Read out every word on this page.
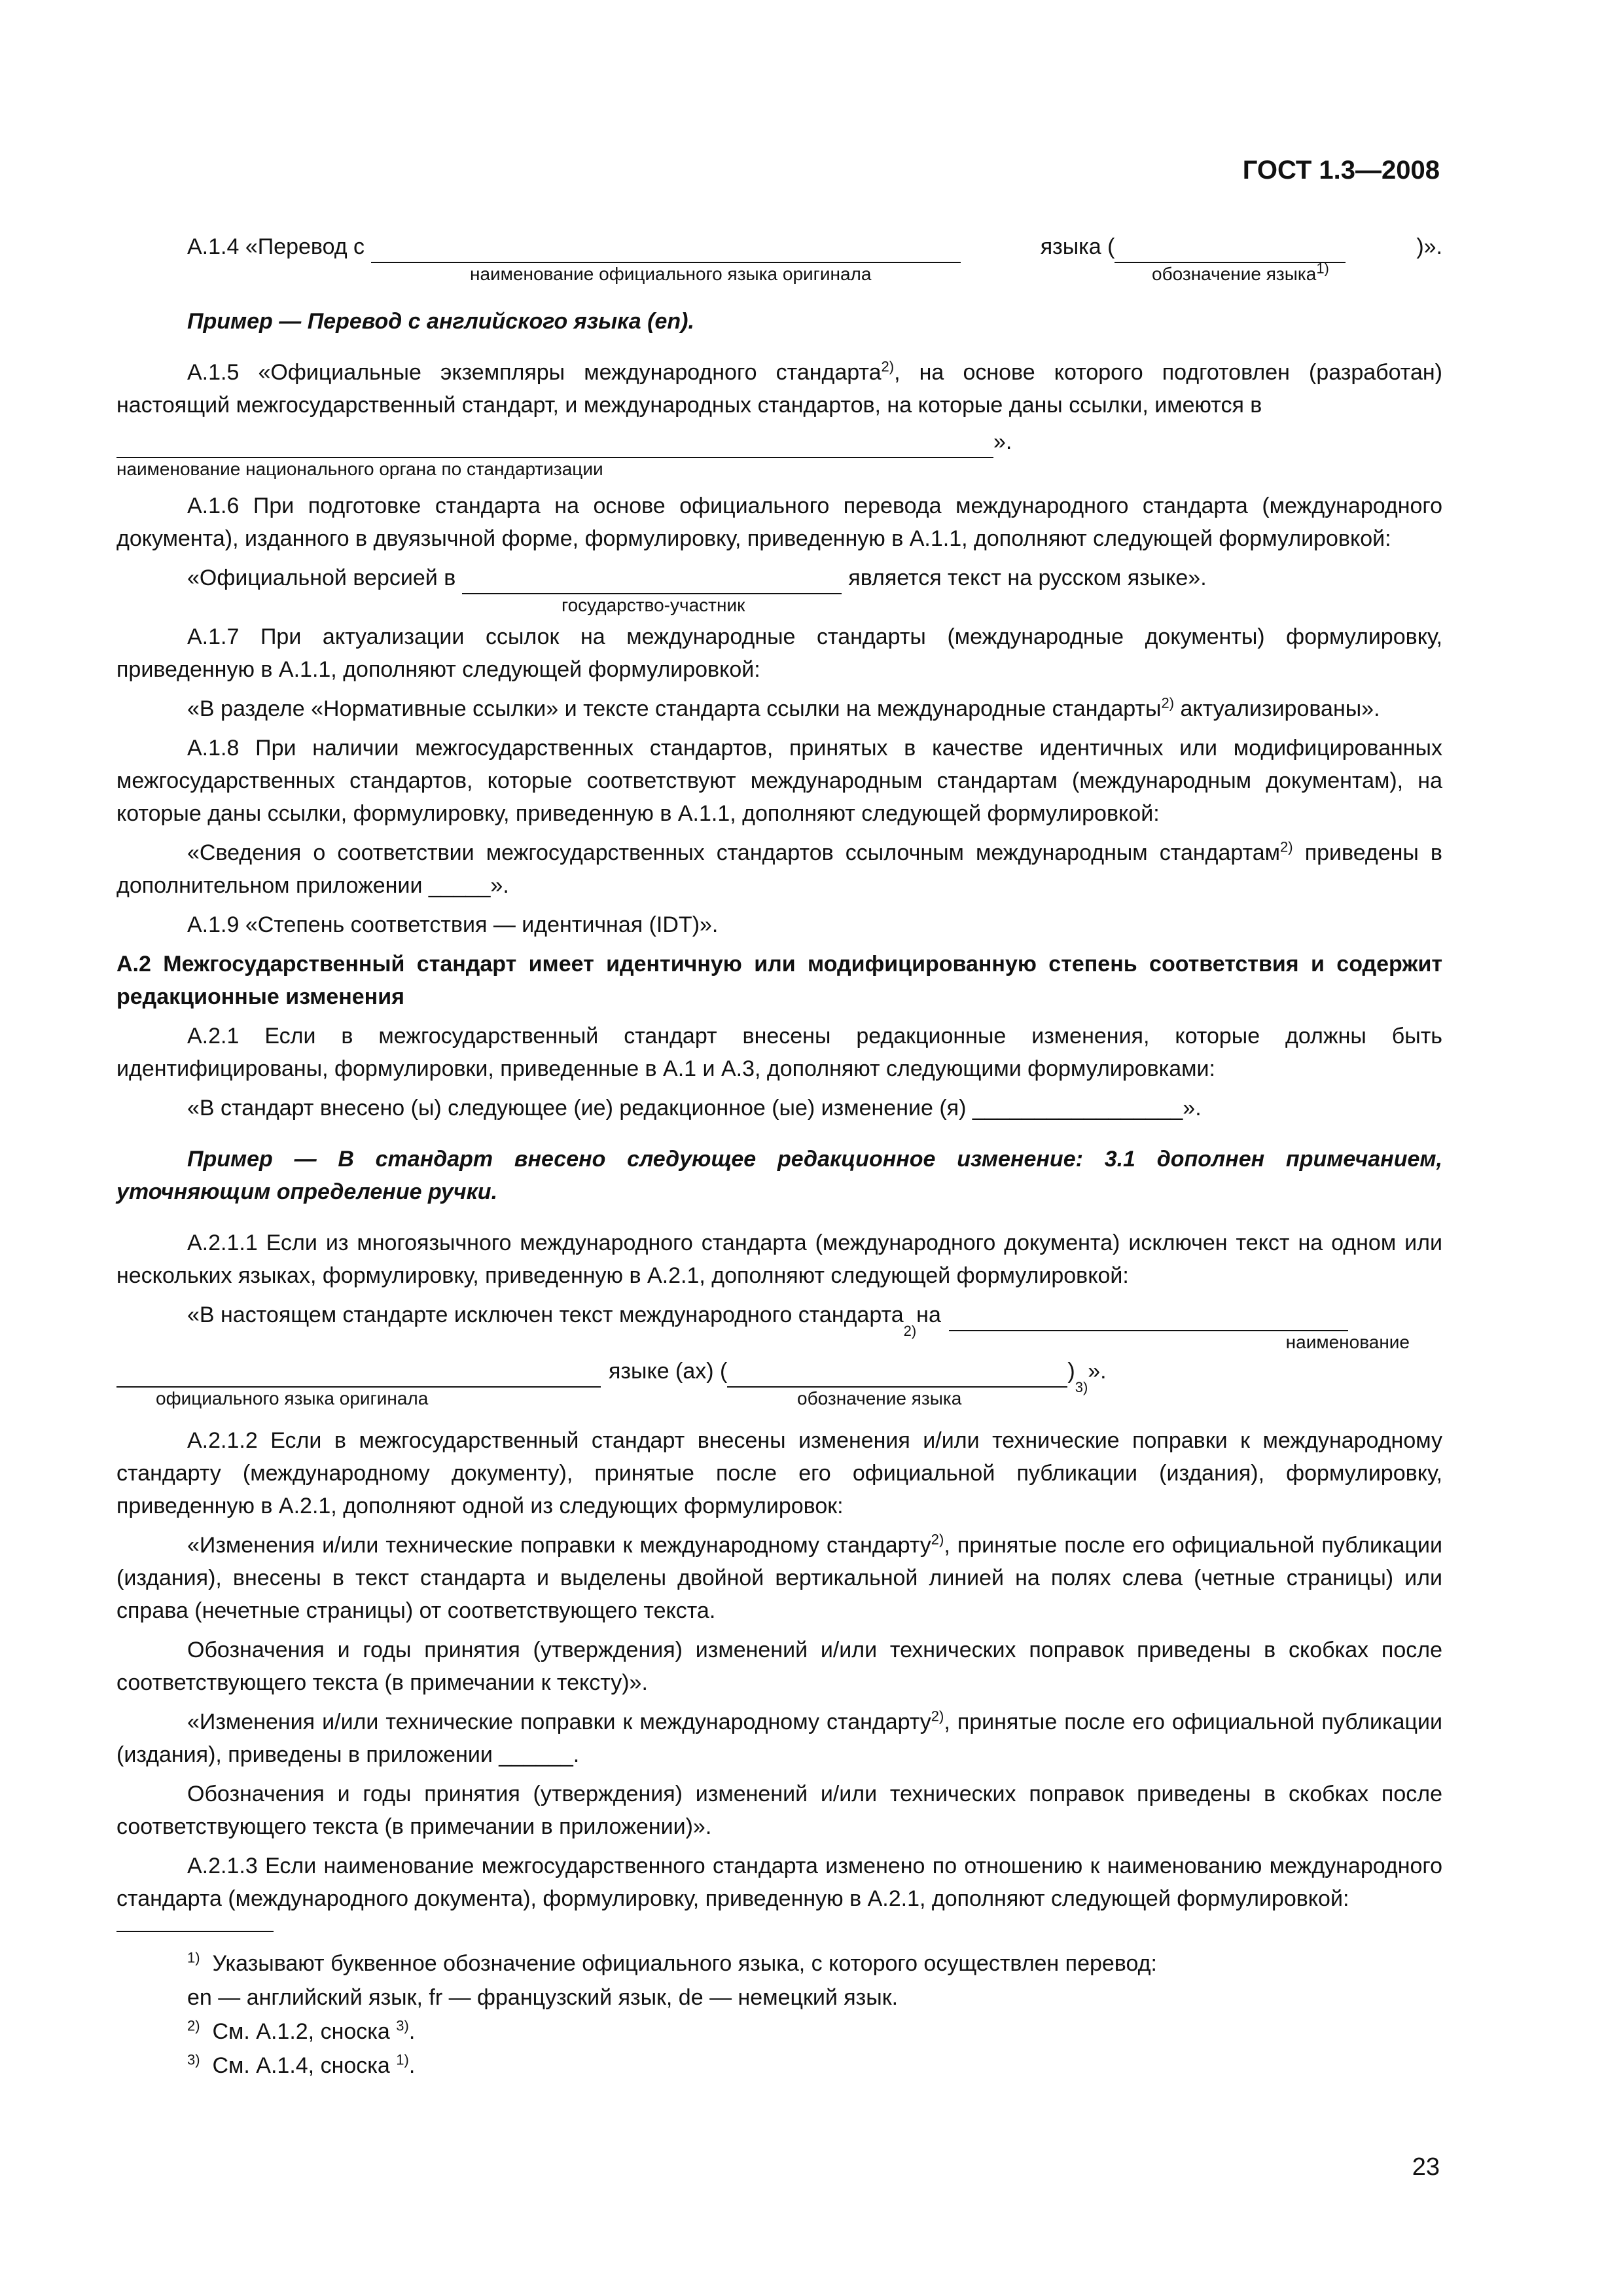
ГОСТ 1.3—2008
А.1.4 «Перевод с	языка (	)».
наименование официального языка оригинала	обозначение языка$^{1)}$
Пример — Перевод с английского языка (en).
А.1.5 «Официальные экземпляры международного стандарта$^{2)}$, на основе которого подготовлен (разработан) настоящий межгосударственный стандарт, и международных стандартов, на которые даны ссылки, имеются в
».
наименование национального органа по стандартизации
А.1.6 При подготовке стандарта на основе официального перевода международного стандарта (международного документа), изданного в двуязычной форме, формулировку, приведенную в А.1.1, дополняют следующей формулировкой:
«Официальной версией в	является текст на русском языке».
государство-участник
А.1.7 При актуализации ссылок на международные стандарты (международные документы) формулировку, приведенную в А.1.1, дополняют следующей формулировкой:
«В разделе «Нормативные ссылки» и тексте стандарта ссылки на международные стандарты$^{2)}$ актуализированы».
А.1.8 При наличии межгосударственных стандартов, принятых в качестве идентичных или модифицированных межгосударственных стандартов, которые соответствуют международным стандартам (международным документам), на которые даны ссылки, формулировку, приведенную в А.1.1, дополняют следующей формулировкой:
«Сведения о соответствии межгосударственных стандартов ссылочным международным стандартам$^{2)}$ приведены в дополнительном приложении _____».
А.1.9 «Степень соответствия — идентичная (IDT)».
А.2 Межгосударственный стандарт имеет идентичную или модифицированную степень соответствия и содержит редакционные изменения
А.2.1 Если в межгосударственный стандарт внесены редакционные изменения, которые должны быть идентифицированы, формулировки, приведенные в А.1 и А.3, дополняют следующими формулировками:
«В стандарт внесено (ы) следующее (ие) редакционное (ые) изменение (я) _________________».
Пример — В стандарт внесено следующее редакционное изменение: 3.1 дополнен примечанием, уточняющим определение ручки.
А.2.1.1 Если из многоязычного международного стандарта (международного документа) исключен текст на одном или нескольких языках, формулировку, приведенную в А.2.1, дополняют следующей формулировкой:
«В настоящем стандарте исключен текст международного стандарта
2)
на
наименование
языке (ах) (	)
3)
».
официального языка оригинала	обозначение языка
А.2.1.2 Если в межгосударственный стандарт внесены изменения и/или технические поправки к международному стандарту (международному документу), принятые после его официальной публикации (издания), формулировку, приведенную в А.2.1, дополняют одной из следующих формулировок:
«Изменения и/или технические поправки к международному стандарту$^{2)}$, принятые после его официальной публикации (издания), внесены в текст стандарта и выделены двойной вертикальной линией на полях слева (четные страницы) или справа (нечетные страницы) от соответствующего текста.
Обозначения и годы принятия (утверждения) изменений и/или технических поправок приведены в скобках после соответствующего текста (в примечании к тексту)».
«Изменения и/или технические поправки к международному стандарту$^{2)}$, принятые после его официальной публикации (издания), приведены в приложении ______.
Обозначения и годы принятия (утверждения) изменений и/или технических поправок приведены в скобках после соответствующего текста (в примечании в приложении)».
А.2.1.3 Если наименование межгосударственного стандарта изменено по отношению к наименованию международного стандарта (международного документа), формулировку, приведенную в А.2.1, дополняют следующей формулировкой:
$^{1)}$ Указывают буквенное обозначение официального языка, с которого осуществлен перевод:
en — английский язык, fr — французский язык, de — немецкий язык.
$^{2)}$ См. А.1.2, сноска $^{3)}$.
$^{3)}$ См. А.1.4, сноска $^{1)}$.
23
